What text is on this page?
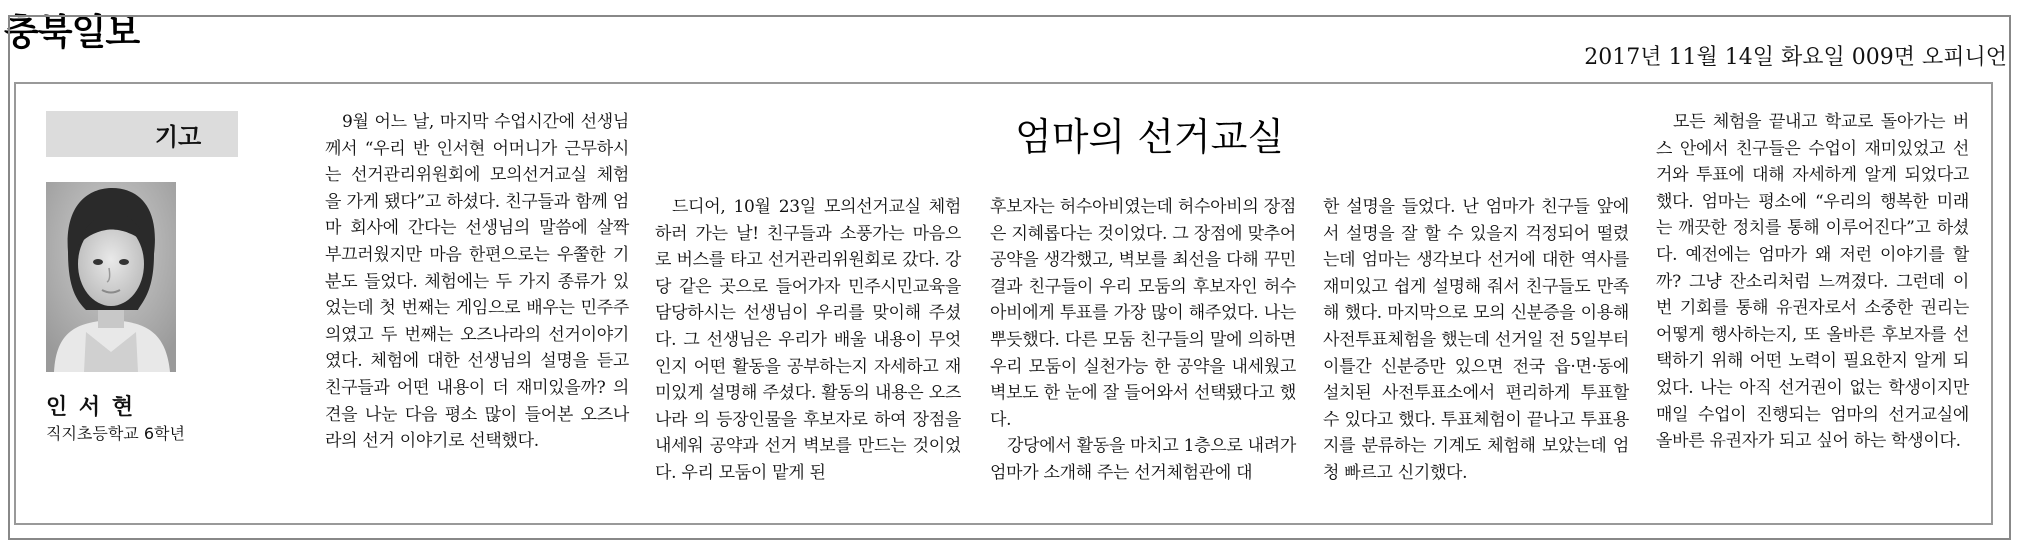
충북일보
2017년 11월 14일 화요일 009면 오피니언
기고
인 서 현
직지초등학교 6학년
엄마의 선거교실

9월 어느 날, 마지막 수업시간에 선생님께서 “우리 반 인서현 어머니가 근무하시는 선거관리위원회에 모의선거교실 체험을 가게 됐다”고 하셨다. 친구들과 함께 엄마 회사에 간다는 선생님의 말씀에 살짝 부끄러웠지만 마음 한편으로는 우쭐한 기분도 들었다. 체험에는 두 가지 종류가 있었는데 첫 번째는 게임으로 배우는 민주주의였고 두 번째는 오즈나라의 선거이야기 였다. 체험에 대한 선생님의 설명을 듣고 친구들과 어떤 내용이 더 재미있을까? 의견을 나눈 다음 평소 많이 들어본 오즈나라의 선거 이야기로 선택했다.

드디어, 10월 23일 모의선거교실 체험하러 가는 날! 친구들과 소풍가는 마음으로 버스를 타고 선거관리위원회로 갔다. 강당 같은 곳으로 들어가자 민주시민교육을 담당하시는 선생님이 우리를 맞이해 주셨다. 그 선생님은 우리가 배울 내용이 무엇인지 어떤 활동을 공부하는지 자세하고 재미있게 설명해 주셨다. 활동의 내용은 오즈나라 의 등장인물을 후보자로 하여 장점을 내세워 공약과 선거 벽보를 만드는 것이었다. 우리 모둠이 맡게 된

후보자는 허수아비였는데 허수아비의 장점은 지혜롭다는 것이었다. 그 장점에 맞추어 공약을 생각했고, 벽보를 최선을 다해 꾸민 결과 친구들이 우리 모둠의 후보자인 허수아비에게 투표를 가장 많이 해주었다. 나는 뿌듯했다. 다른 모둠 친구들의 말에 의하면 우리 모둠이 실천가능 한 공약을 내세웠고 벽보도 한 눈에 잘 들어와서 선택됐다고 했다.

강당에서 활동을 마치고 1층으로 내려가 엄마가 소개해 주는 선거체험관에 대

한 설명을 들었다. 난 엄마가 친구들 앞에서 설명을 잘 할 수 있을지 걱정되어 떨렸는데 엄마는 생각보다 선거에 대한 역사를 재미있고 쉽게 설명해 줘서 친구들도 만족해 했다. 마지막으로 모의 신분증을 이용해 사전투표체험을 했는데 선거일 전 5일부터 이틀간 신분증만 있으면 전국 읍·면·동에 설치된 사전투표소에서 편리하게 투표할 수 있다고 했다. 투표체험이 끝나고 투표용지를 분류하는 기계도 체험해 보았는데 엄청 빠르고 신기했다.

모든 체험을 끝내고 학교로 돌아가는 버스 안에서 친구들은 수업이 재미있었고 선거와 투표에 대해 자세하게 알게 되었다고 했다. 엄마는 평소에 “우리의 행복한 미래는 깨끗한 정치를 통해 이루어진다”고 하셨다. 예전에는 엄마가 왜 저런 이야기를 할까? 그냥 잔소리처럼 느껴졌다. 그런데 이번 기회를 통해 유권자로서 소중한 권리는 어떻게 행사하는지, 또 올바른 후보자를 선택하기 위해 어떤 노력이 필요한지 알게 되었다. 나는 아직 선거권이 없는 학생이지만 매일 수업이 진행되는 엄마의 선거교실에 올바른 유권자가 되고 싶어 하는 학생이다.
